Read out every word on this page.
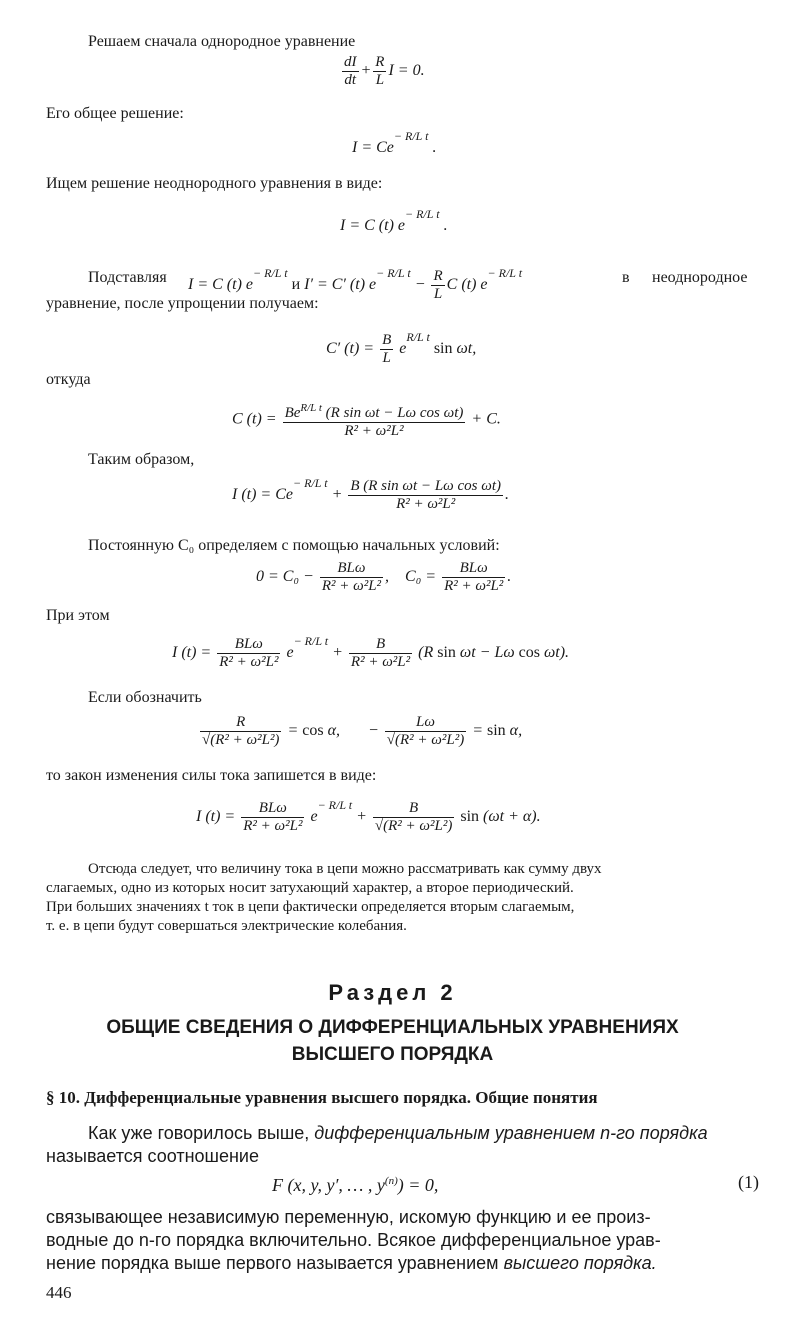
Решаем сначала однородное уравнение
$\frac{dI}{dt} + \frac{R}{L}$ I = 0.
Его общее решение:
$I = Ce^{- R/L t}$ .
Ищем решение неоднородного уравнения в виде:
I = C (t) $e^{- R/L t}$ .
Подставляя I = C (t) $e^{- R/L t}$ и I′ = C′ (t) $e^{- R/L t} - \frac{R}{L}$ C (t) $e^{- R/L t}$	в неоднородное
уравнение, после упрощении получаем:
C′ $(t) = \frac{B}{L} e^{R/L t}$ sin ωt,
откуда
C $(t) = \frac{Be^{R/L t} (R \sin \omega t - L\omega \cos \omega t)}{\text{R² + ω²L²}} + C$.
Таким образом,
I $(t) = Ce^{- R/L t} + \frac{\text{B (R sin ωt − Lω cos ωt)}}{\text{R² + ω²L²}}$ .
Постоянную C₀ определяем с помощью начальных условий:
$0 = C_0 - \frac{\text{BLω}}{\text{R² + ω²L²}}$ ,    $C_0 = \frac{\text{BLω}}{\text{R² + ω²L²}}$ .
При этом
I $(t) = \frac{\text{BLω}}{\text{R² + ω²L²}} e^{- R/L t} + \frac{B}{\text{R² + ω²L²}} (R$ sin ωt − Lω cos ωt).
Если обозначить
$\frac{R}{\text{√(R² + ω²L²)}} = \cos \alpha$,       − $\frac{L\omega}{\text{√(R² + ω²L²)}} = \sin \alpha$,
то закон изменения силы тока запишется в виде:
I $(t) = \frac{\text{BLω}}{\text{R² + ω²L²}} e^{- R/L t} + \frac{B}{\text{√(R² + ω²L²)}}$ sin (ωt + α).
Отсюда следует, что величину тока в цепи можно рассматривать как сумму двух
слагаемых, одно из которых носит затухающий характер, а второе периодический.
При больших значениях t ток в цепи фактически определяется вторым слагаемым,
т. е. в цепи будут совершаться электрические колебания.
Раздел 2
ОБЩИЕ СВЕДЕНИЯ О ДИФФЕРЕНЦИАЛЬНЫХ УРАВНЕНИЯХ
ВЫСШЕГО ПОРЯДКА
§ 10. Дифференциальные уравнения высшего порядка. Общие понятия
Как уже говорилось выше, дифференциальным уравнением n-го порядка
называется соотношение
F (x, y, y′, … , $y^{(n)}) = 0$,	(1)
связывающее независимую переменную, искомую функцию и ее произ-
водные до n-го порядка включительно. Всякое дифференциальное урав-
нение порядка выше первого называется уравнением высшего порядка.
446
